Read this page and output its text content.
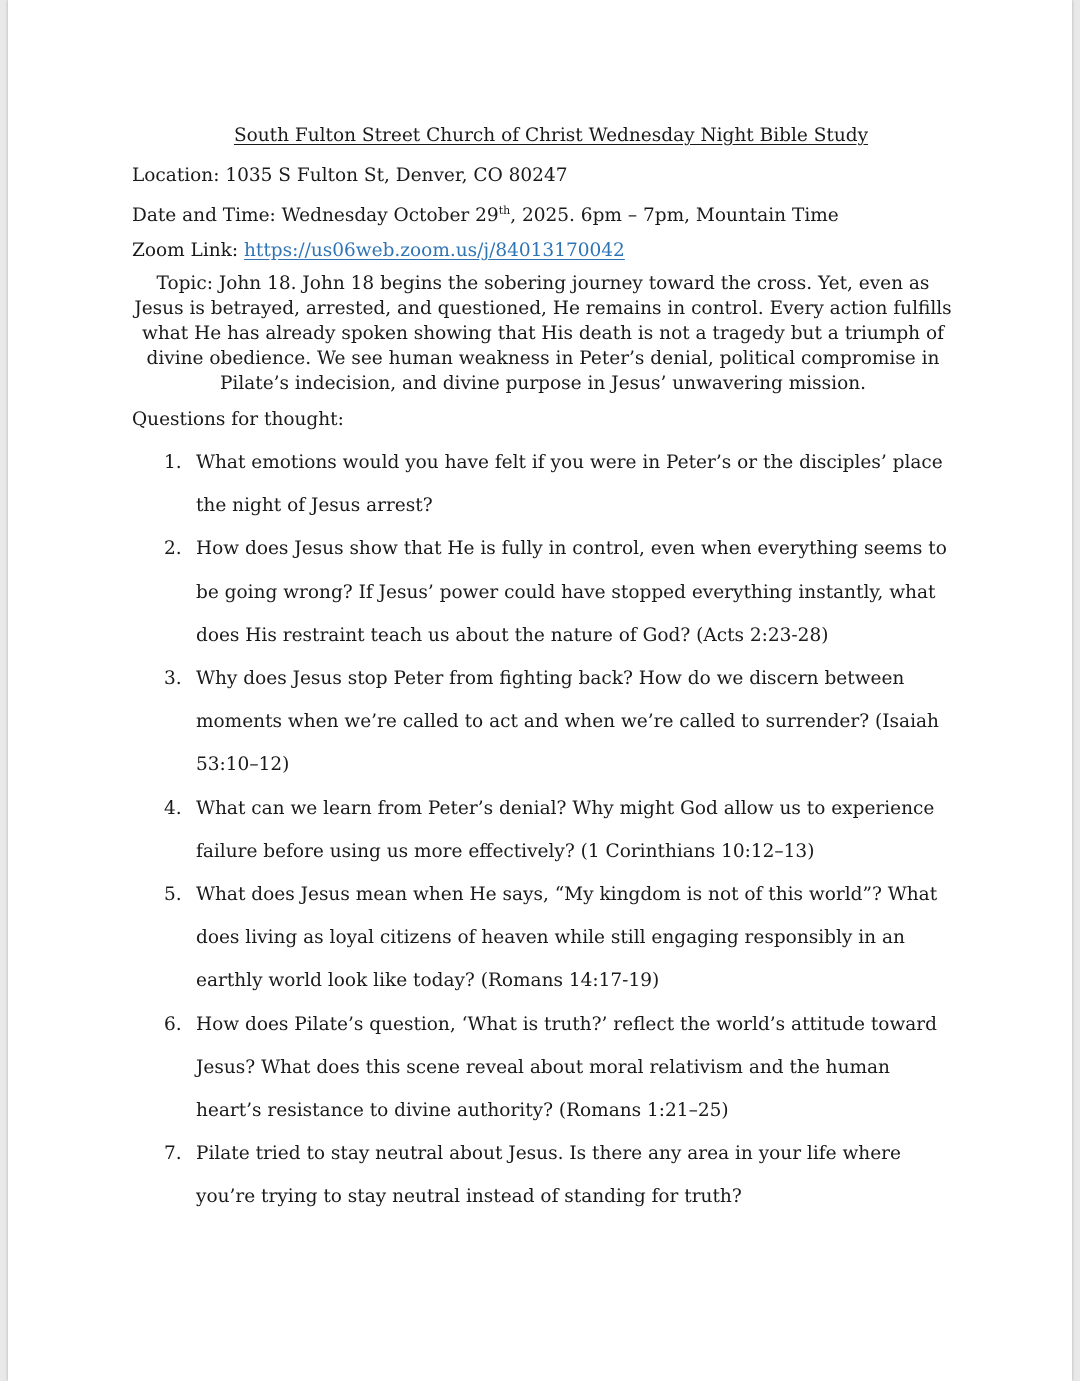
South Fulton Street Church of Christ Wednesday Night Bible Study

Location: 1035 S Fulton St, Denver, CO 80247

Date and Time: Wednesday October 29th, 2025. 6pm – 7pm, Mountain Time

Zoom Link: https://us06web.zoom.us/j/84013170042

Topic: John 18. John 18 begins the sobering journey toward the cross. Yet, even as Jesus is betrayed, arrested, and questioned, He remains in control. Every action fulfills what He has already spoken showing that His death is not a tragedy but a triumph of divine obedience. We see human weakness in Peter’s denial, political compromise in Pilate’s indecision, and divine purpose in Jesus’ unwavering mission.

Questions for thought:

1. What emotions would you have felt if you were in Peter’s or the disciples’ place the night of Jesus arrest?
2. How does Jesus show that He is fully in control, even when everything seems to be going wrong? If Jesus’ power could have stopped everything instantly, what does His restraint teach us about the nature of God? (Acts 2:23-28)
3. Why does Jesus stop Peter from fighting back? How do we discern between moments when we’re called to act and when we’re called to surrender? (Isaiah 53:10–12)
4. What can we learn from Peter’s denial? Why might God allow us to experience failure before using us more effectively? (1 Corinthians 10:12–13)
5. What does Jesus mean when He says, “My kingdom is not of this world”? What does living as loyal citizens of heaven while still engaging responsibly in an earthly world look like today? (Romans 14:17-19)
6. How does Pilate’s question, ‘What is truth?’ reflect the world’s attitude toward Jesus? What does this scene reveal about moral relativism and the human heart’s resistance to divine authority? (Romans 1:21–25)
7. Pilate tried to stay neutral about Jesus. Is there any area in your life where you’re trying to stay neutral instead of standing for truth?
